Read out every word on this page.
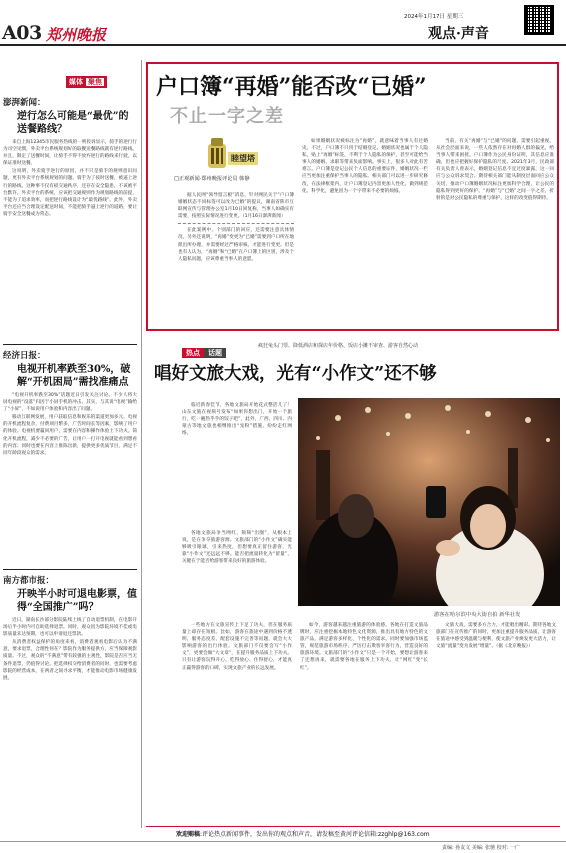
A03 郑州晚报
2024年1月17日 星期三
观点·声音
媒体 聚焦
澎湃新闻：
逆行怎么可能是“最优”的送餐路线？

来自上海12345市民服务热线的一则投诉显示，骑手的逆行行为司空见惯，外卖平台系统规划好的取餐送餐路线就有逆行路线。并且，限定了送餐时间，让骑手不得不放弃逆行的路线来行驶，以保证准时送餐。

这说明，外卖骑手逆行的原因，并不只是骑手的规则意识问题，更有外卖平台系统规划的问题。骑手为了按时送餐，被逼上逆行的路线。这种事不仅有损交通秩序，还存在安全隐患，不该被平台默许。外卖平台的系统，应该把交通规则作为规划路线的前提，不能为了追求效率，而把逆行路线设计为“最优路线”。此外，外卖平台还应当合理设定配送时间，不能把骑手逼上逆行的道路，要让骑手安全送餐成为常态。

经济日报：
电视开机率跌至30%，破解“开机困局”需找准痛点

“电视开机率跌至30%”话题近日引发关注讨论。不少人将大屏电视的“没落”归因于小屏手机的冲击。其实，与其说“电视”输给了“小屏”，不如说用户体验和内容出了问题。

移动互联网发展，用户获取信息和娱乐的渠道更加多元。电视的开机流程复杂，付费项目繁多，广告时间长等因素，影响了用户的体验。电视机要赢回用户，需要在内容和操作体验上下功夫。简化开机流程，减少不必要的广告，让用户一打开电视就能看到想看的内容；同时也要在内容上推陈出新，提供更多优质节目，满足不同年龄段观众的需求。

南方都市报：
开映半小时可退电影票，值得“全国推广”吗？

近日，湖南长沙部分影院陆续上线了自动退票机制，在电影开场后半小时内可自助选择退票。同时，观众因为影院环境不佳或电影质量未达预期，也可以申请退还票款。

从消费者权益保护的角度来看，消费者观看电影后认为不满意，要求退票，合理性何在？影院作为服务提供方，应当保障观影质量。不过，观众的“不满意”带有较强的主观性，影院是否应当无条件退票，仍值得讨论。把选择权交给消费者的同时，也需要考虑影院的经营成本，在两者之间寻求平衡，才能推动电影市场健康发展。

户口簿“再婚”能否改“已婚”
不止一字之差
睦望塔
□正观新闻·郑州晚报评论员 韩静

据人民网“领导留言板”消息，针对网民关于“户口簿婚姻状态不同标签可以改为已婚”的提议，湖南省陕市互联网宣传与管理办公室1月10日回复称，当事人如确实有需要，按照实际情况进行变更。（1月16日澎湃新闻）

在此案例中，个别部门的回应，还需要注意具体情况，另外还说明，“再婚”变更为“已婚”需要到户口所在地派出所办理，并需要经过严格审核，才能进行变更。但是也有人认为，“再婚”和“已婚”在户口簿上的区别，涉及个人隐私问题，应该尊重当事人的意愿。

如果婚姻状况被标注为“再婚”，就意味着当事人有过婚史。不过，户口簿不只用于结婚登记，婚姻状况也属于个人隐私，贴上“再婚”标签，不利于个人隐私的保护，甚至可能给当事人的婚姻、求职等带来负面影响。事实上，很多人对此有苦难言。户口簿是登记公民个人信息的重要证件，婚姻状况一栏应当更加注重保护当事人的隐私。相关部门可以进一步研究修改，在法律框架内，让户口簿登记内容更加人性化，做到规范化、科学化，避免因为一个字带来不必要的烦恼。

当前，有关“再婚”与“已婚”的问题，需要引起重视。从社会层面来说，一些人依然存在对再婚人群的偏见，给当事人带来困扰。户口簿作为公民身份证明，其信息应准确，但也应把握好保护隐私的尺度。2021年3月，民政部有关负责人曾表示，婚姻登记信息不宜过度暴露，这一回应与公众诉求契合。期待相关部门能从制度层面回应公众关切，推动户口簿婚姻状况标注更加科学合理，让公民的隐私得到更好的保护。“再婚”与“已婚”之间一字之差，折射的是对公民隐私的尊重与保护，这样的改变值得期待。

热点 话题
疯狂兔头门票、降低酒店和探店年价格、饭店小摊不审查、游客自然心动
唱好文旅大戏，光有“小作文”还不够

临近新春佳节，各地文旅局开始花式整活儿了！山东文旅在视频号发布“如果你想出门，开始一个旅行，吃一碗热乎乎的饺子吧”，此外，广西、四川、内蒙古等地文旅也相继推出“宠粉”措施，纷纷走红网络。

游客在哈尔滨中央大街自拍 新华社发

各地文旅局争当网红，频频“出圈”，从根本上说，是在争夺旅游客源。文旅部门的“小作文”确实能够吸引眼球，引来热度，但想要真正留住游客，光靠“小作文”还远远不够。能否把流量转化为“留量”，关键在于能否给游客带来良好的旅游体验。

一些地方在文旅宣传上下足了功夫，但在服务质量上却存在短板。比如，游客在旅途中遇到价格不透明、服务态度差、配套设施不完善等问题，就会大大影响游客的出行体验。文旅部门不仅要会写“小作文”，更要会做“大文章”，在提升服务品质上下功夫。只有让游客玩得开心、吃得放心、住得舒心，才能真正赢得游客的口碑，实现文旅产业的长远发展。

如今，游客越来越注重旅游的体验感。各地在打造文旅品牌时，应注重挖掘本地特色文化资源，推出具有地方特色的文旅产品，满足游客多样化、个性化的需求。同时要加强市场监管，规范旅游市场秩序，严厉打击欺客宰客行为，营造良好的旅游环境。文旅部门的“小作文”只是一个开始，要想让游客来了还想再来，就需要各地在服务上下功夫，让“网红”变“长红”。

文旅大戏，需要多方合力，才能唱出精彩。期待各地文旅部门在宣传推广的同时，更加注重提升服务品质，让游客在旅途中感受到温暖与便利，使文旅产业焕发更大活力，让文旅“流量”变为发展“增量”。（据《北京晚报》）

欢迎赐稿:评论热点新闻事件，发出你的观点和声音，请发稿至黄河评论信箱:zzghlp@163.com
责编: 孙友文 美编: 张驰 校对: 一广
